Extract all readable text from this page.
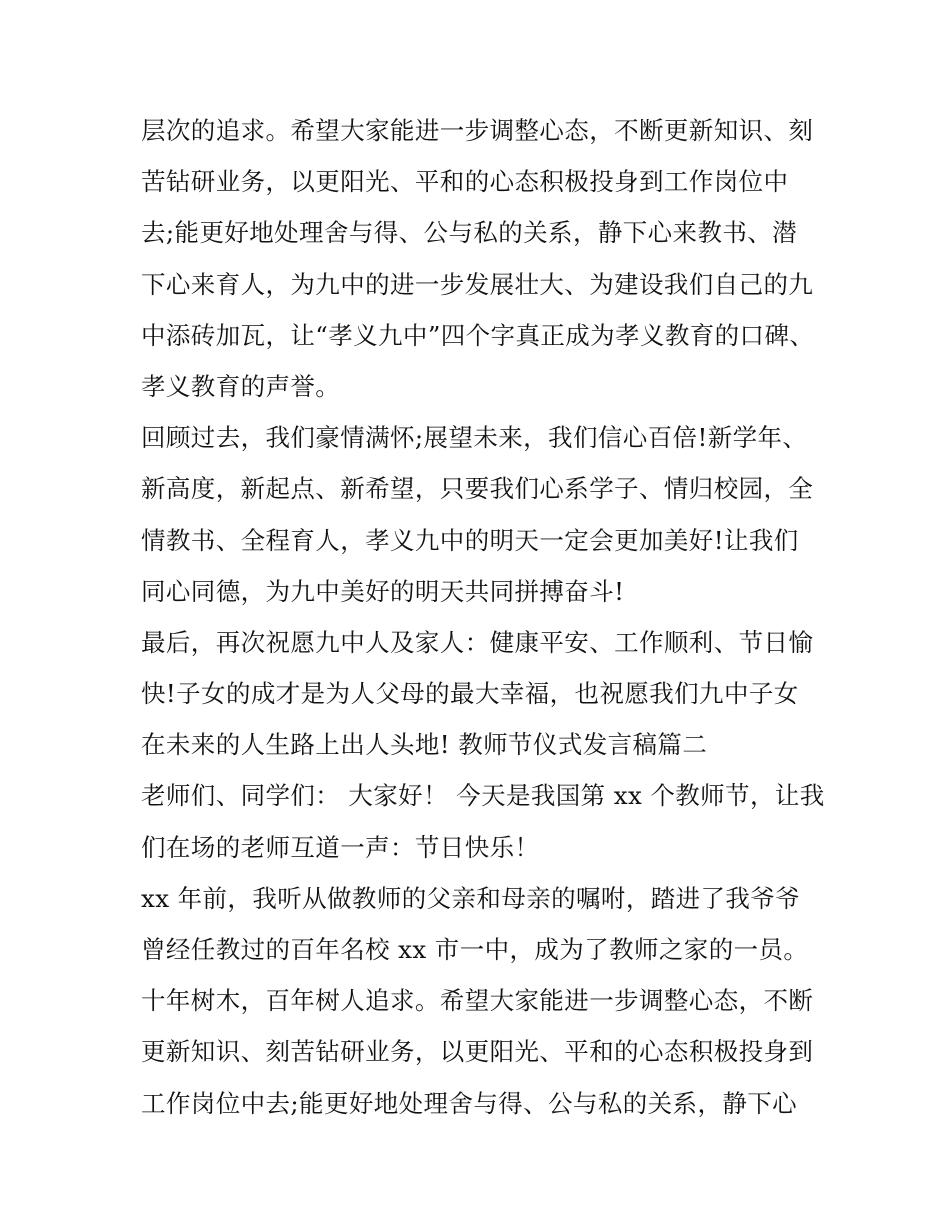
层次的追求。希望大家能进一步调整心态，不断更新知识、刻
苦钻研业务，以更阳光、平和的心态积极投身到工作岗位中
去;能更好地处理舍与得、公与私的关系，静下心来教书、潜
下心来育人，为九中的进一步发展壮大、为建设我们自己的九
中添砖加瓦，让“孝义九中”四个字真正成为孝义教育的口碑、
孝义教育的声誉。
回顾过去，我们豪情满怀;展望未来，我们信心百倍!新学年、
新高度，新起点、新希望，只要我们心系学子、情归校园，全
情教书、全程育人，孝义九中的明天一定会更加美好!让我们
同心同德，为九中美好的明天共同拼搏奋斗!
最后，再次祝愿九中人及家人：健康平安、工作顺利、节日愉
快!子女的成才是为人父母的最大幸福，也祝愿我们九中子女
在未来的人生路上出人头地! 教师节仪式发言稿篇二
老师们、同学们： 大家好！ 今天是我国第 xx 个教师节，让我
们在场的老师互道一声：节日快乐！
xx 年前，我听从做教师的父亲和母亲的嘱咐，踏进了我爷爷
曾经任教过的百年名校 xx 市一中，成为了教师之家的一员。
十年树木，百年树人追求。希望大家能进一步调整心态，不断
更新知识、刻苦钻研业务，以更阳光、平和的心态积极投身到
工作岗位中去;能更好地处理舍与得、公与私的关系，静下心
